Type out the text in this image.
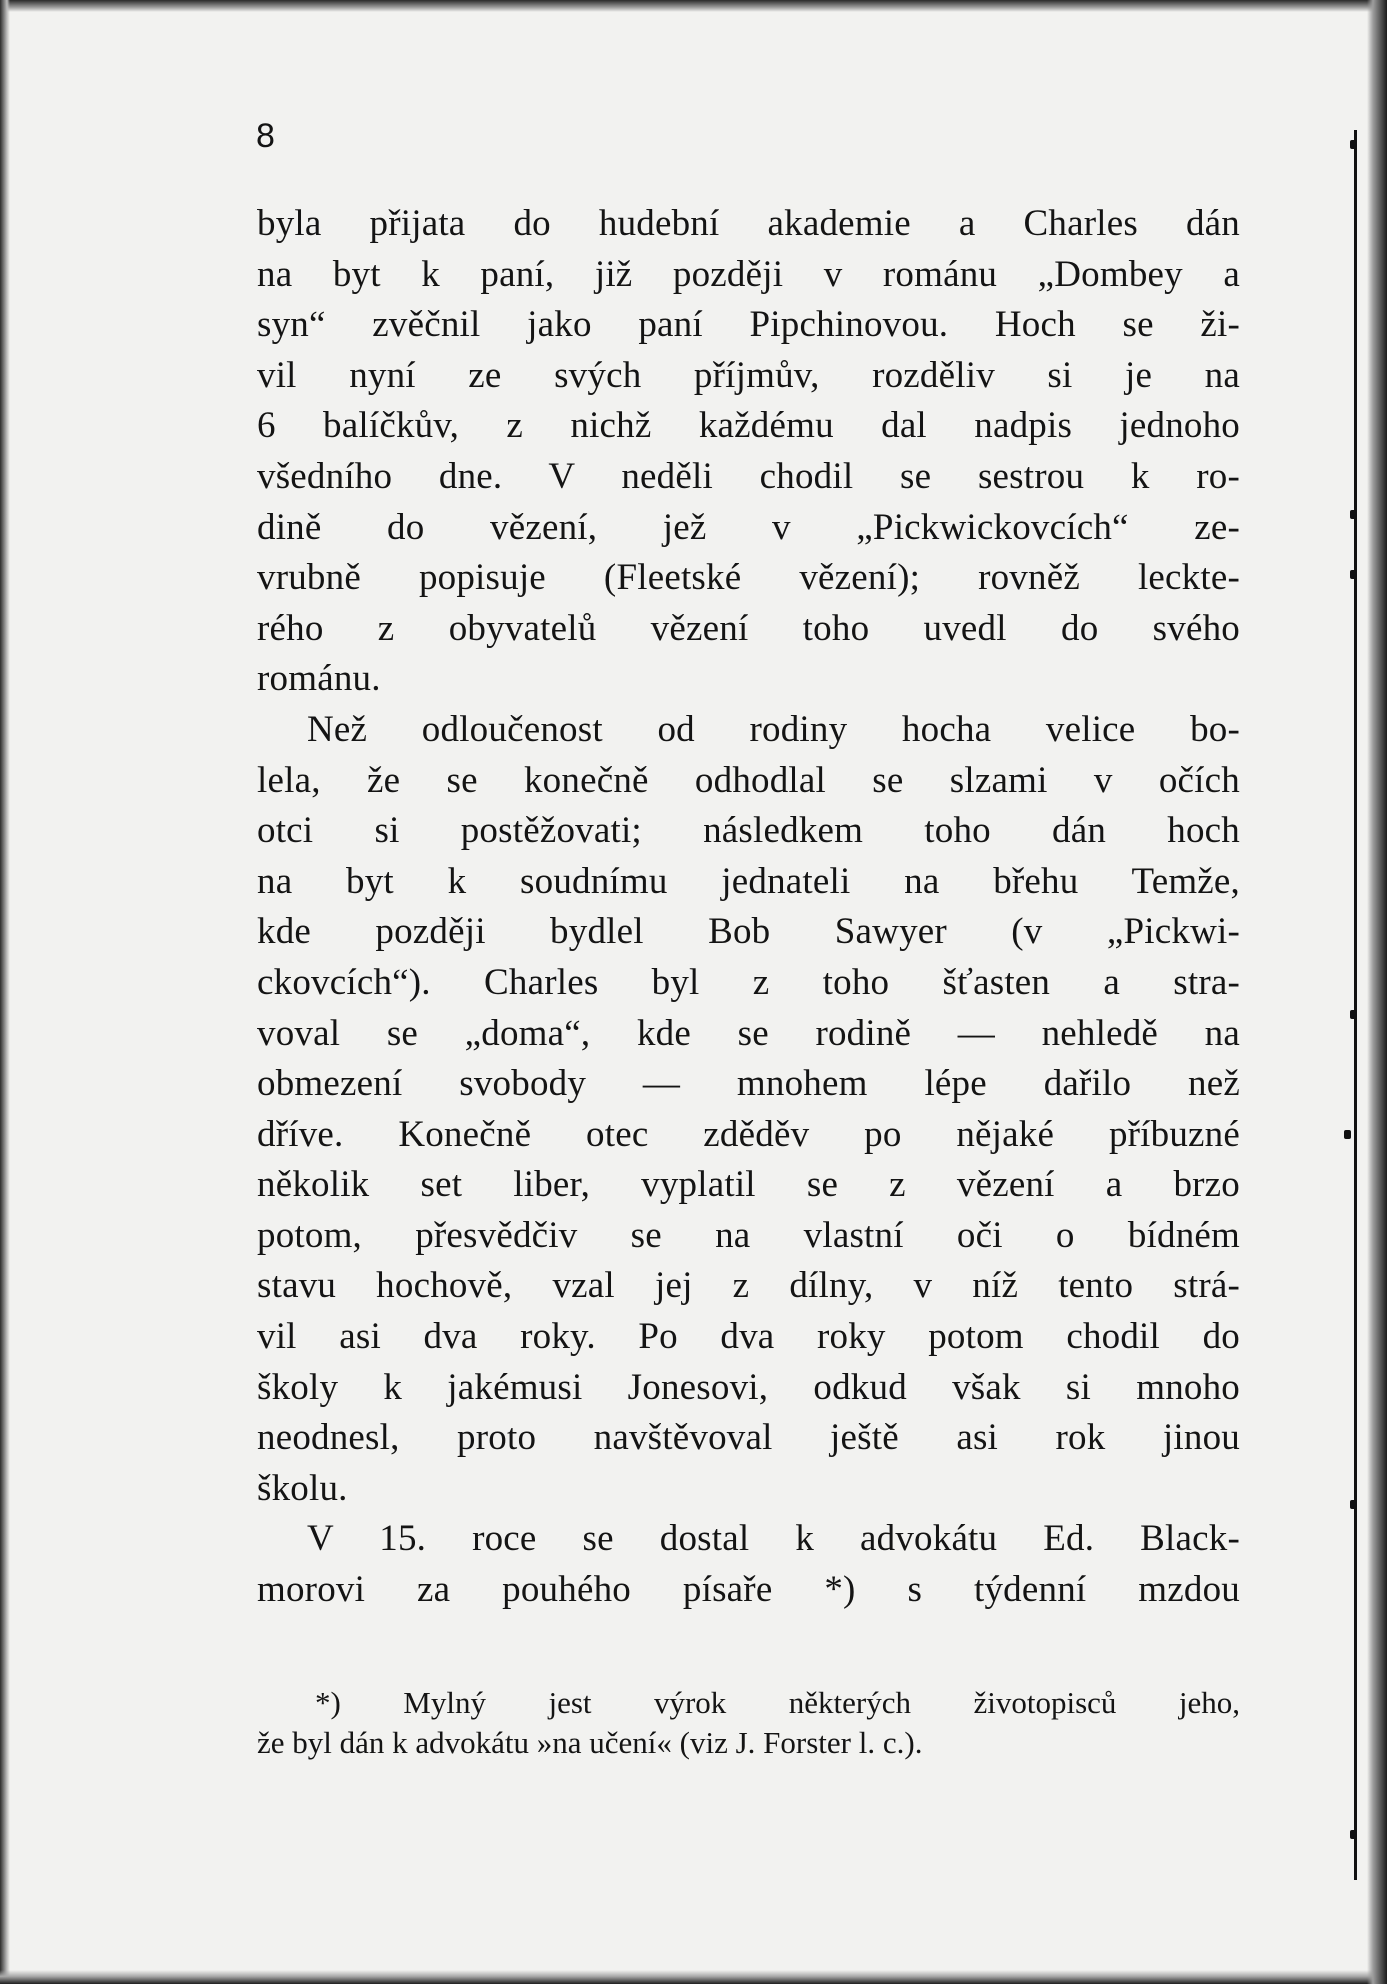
8
byla přijata do hudební akademie a Charles dán
na byt k paní, již později v románu „Dombey a
syn“ zvěčnil jako paní Pipchinovou. Hoch se ži-
vil nyní ze svých příjmův, rozděliv si je na
6 balíčkův, z nichž každému dal nadpis jednoho
všedního dne. V neděli chodil se sestrou k ro-
dině do vězení, jež v „Pickwickovcích“ ze-
vrubně popisuje (Fleetské vězení); rovněž leckte-
rého z obyvatelů vězení toho uvedl do svého
románu.
Než odloučenost od rodiny hocha velice bo-
lela, že se konečně odhodlal se slzami v očích
otci si postěžovati; následkem toho dán hoch
na byt k soudnímu jednateli na břehu Temže,
kde později bydlel Bob Sawyer (v „Pickwi-
ckovcích“). Charles byl z toho šťasten a stra-
voval se „doma“, kde se rodině — nehledě na
obmezení svobody — mnohem lépe dařilo než
dříve. Konečně otec zděděv po nějaké příbuzné
několik set liber, vyplatil se z vězení a brzo
potom, přesvědčiv se na vlastní oči o bídném
stavu hochově, vzal jej z dílny, v níž tento strá-
vil asi dva roky. Po dva roky potom chodil do
školy k jakémusi Jonesovi, odkud však si mnoho
neodnesl, proto navštěvoval ještě asi rok jinou
školu.
V 15. roce se dostal k advokátu Ed. Black-
morovi za pouhého písaře *) s týdenní mzdou
*) Mylný jest výrok některých životopisců jeho,
že byl dán k advokátu »na učení« (viz J. Forster l. c.).
